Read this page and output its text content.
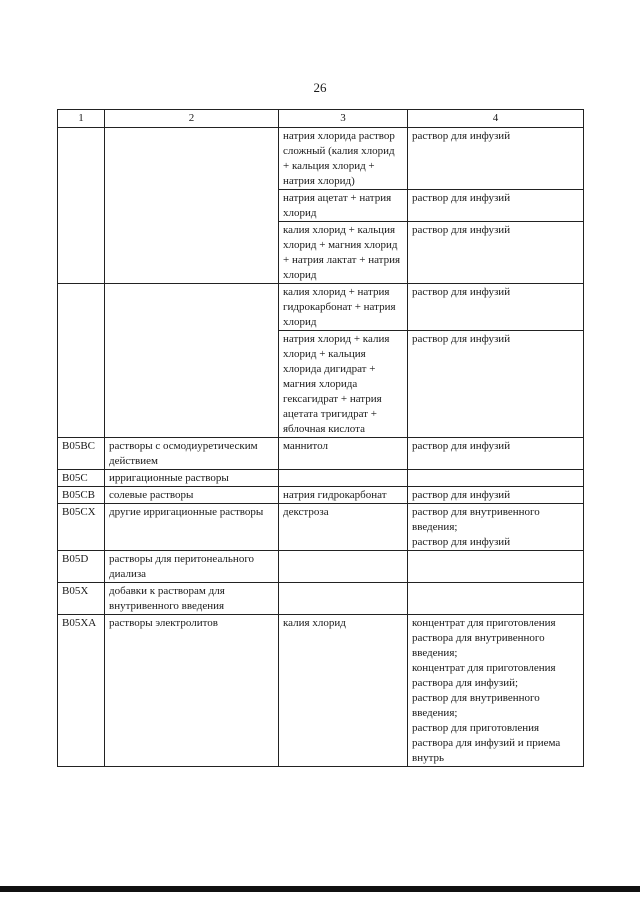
26
1	2	3	4
		натрия хлорида раствор сложный (калия хлорид + кальция хлорид + натрия хлорид)	раствор для инфузий
		натрия ацетат + натрия хлорид	раствор для инфузий
		калия хлорид + кальция хлорид + магния хлорид + натрия лактат + натрия хлорид	раствор для инфузий
		калия хлорид + натрия гидрокарбонат + натрия хлорид	раствор для инфузий
		натрия хлорид + калия хлорид + кальция хлорида дигидрат + магния хлорида гексагидрат + натрия ацетата тригидрат + яблочная кислота	раствор для инфузий
B05BC	растворы с осмодиуретическим действием	маннитол	раствор для инфузий
B05C	ирригационные растворы		
B05CB	солевые растворы	натрия гидрокарбонат	раствор для инфузий
B05CX	другие ирригационные растворы	декстроза	раствор для внутривенного введения;
раствор для инфузий
B05D	растворы для перитонеального диализа		
B05X	добавки к растворам для внутривенного введения		
B05XA	растворы электролитов	калия хлорид	концентрат для приготовления раствора для внутривенного введения;
концентрат для приготовления раствора для инфузий;
раствор для внутривенного введения;
раствор для приготовления раствора для инфузий и приема внутрь
